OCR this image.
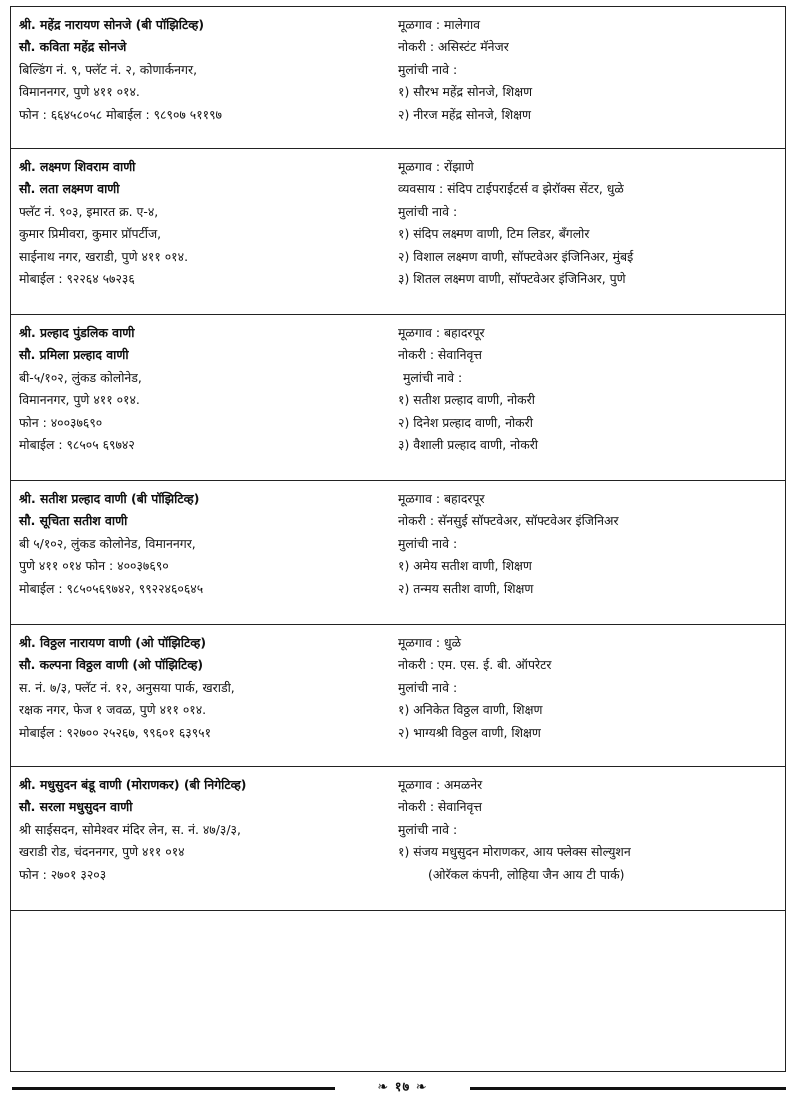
श्री. महेंद्र नारायण सोनजे (बी पॉझिटिव्ह)
सौ. कविता महेंद्र सोनजे
बिल्डिंग नं. ९, फ्लॅट नं. २, कोणार्कनगर,
विमाननगर, पुणे ४११ ०१४.
फोन : ६६४५८०५८ मोबाईल : ९८९०७ ५११९७
मूळगाव : मालेगाव
नोकरी : असिस्टंट मॅनेजर
मुलांची नावे :
१) सौरभ महेंद्र सोनजे, शिक्षण
२) नीरज महेंद्र सोनजे, शिक्षण
श्री. लक्ष्मण शिवराम वाणी
सौ. लता लक्ष्मण वाणी
फ्लॅट नं. ९०३, इमारत क्र. ए-४,
कुमार प्रिमीवरा, कुमार प्रॉपर्टीज,
साईनाथ नगर, खराडी, पुणे ४११ ०१४.
मोबाईल : ९२२६४ ५७२३६
मूळगाव : रोंझाणे
व्यवसाय : संदिप टाईपराईटर्स व झेरॉक्स सेंटर, धुळे
मुलांची नावे :
१) संदिप लक्ष्मण वाणी, टिम लिडर, बँगलोर
२) विशाल लक्ष्मण वाणी, सॉफ्टवेअर इंजिनिअर, मुंबई
३) शितल लक्ष्मण वाणी, सॉफ्टवेअर इंजिनिअर, पुणे
श्री. प्रल्हाद पुंडलिक वाणी
सौ. प्रमिला प्रल्हाद वाणी
बी-५/१०२, लुंकड कोलोनेड,
विमाननगर, पुणे ४११ ०१४.
फोन : ४००३७६९०
मोबाईल : ९८५०५ ६९७४२
मूळगाव : बहादरपूर
नोकरी : सेवानिवृत्त
मुलांची नावे :
१) सतीश प्रल्हाद वाणी, नोकरी
२) दिनेश प्रल्हाद वाणी, नोकरी
३) वैशाली प्रल्हाद वाणी, नोकरी
श्री. सतीश प्रल्हाद वाणी (बी पॉझिटिव्ह)
सौ. सूचिता सतीश वाणी
बी ५/१०२, लुंकड कोलोनेड, विमाननगर,
पुणे ४११ ०१४ फोन : ४००३७६९०
मोबाईल : ९८५०५६९७४२, ९९२२४६०६४५
मूळगाव : बहादरपूर
नोकरी : सॅनसुई सॉफ्टवेअर, सॉफ्टवेअर इंजिनिअर
मुलांची नावे :
१) अमेय सतीश वाणी, शिक्षण
२) तन्मय सतीश वाणी, शिक्षण
श्री. विठ्ठल नारायण वाणी (ओ पॉझिटिव्ह)
सौ. कल्पना विठ्ठल वाणी (ओ पॉझिटिव्ह)
स. नं. ७/३, फ्लॅट नं. १२, अनुसया पार्क, खराडी,
रक्षक नगर, फेज १ जवळ, पुणे ४११ ०१४.
मोबाईल : ९२७०० २५२६७, ९९६०१ ६३९५१
मूळगाव : धुळे
नोकरी : एम. एस. ई. बी. ऑपरेटर
मुलांची नावे :
१) अनिकेत विठ्ठल वाणी, शिक्षण
२) भाग्यश्री विठ्ठल वाणी, शिक्षण
श्री. मधुसुदन बंडू वाणी (मोराणकर) (बी निगेटिव्ह)
सौ. सरला मधुसुदन वाणी
श्री साईसदन, सोमेश्वर मंदिर लेन, स. नं. ४७/३/३,
खराडी रोड, चंदननगर, पुणे ४११ ०१४
फोन : २७०१ ३२०३
मूळगाव : अमळनेर
नोकरी : सेवानिवृत्त
मुलांची नावे :
१) संजय मधुसुदन मोराणकर, आय फ्लेक्स सोल्युशन
(ओरॅकल कंपनी, लोहिया जैन आय टी पार्क)
❧ १७ ❧
